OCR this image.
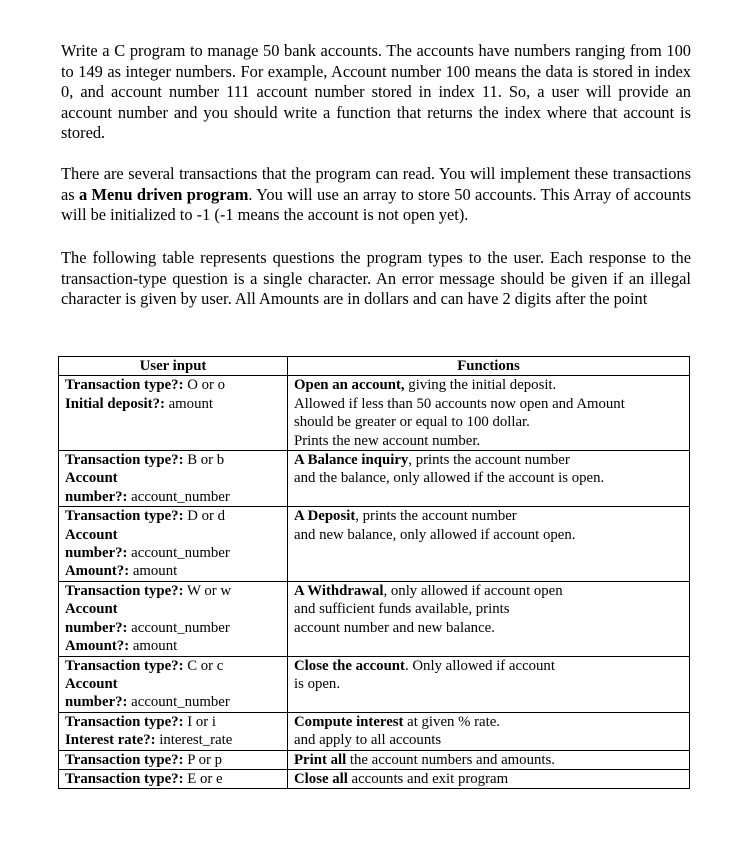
Write a C program to manage 50 bank accounts. The accounts have numbers ranging from 100 to 149 as integer numbers. For example, Account number 100 means the data is stored in index 0, and account number 111 account number stored in index 11. So, a user will provide an account number and you should write a function that returns the index where that account is stored.

There are several transactions that the program can read. You will implement these transactions as a Menu driven program. You will use an array to store 50 accounts. This Array of accounts will be initialized to -1 (-1 means the account is not open yet).

The following table represents questions the program types to the user. Each response to the transaction-type question is a single character. An error message should be given if an illegal character is given by user. All Amounts are in dollars and can have 2 digits after the point

User input	Functions

Transaction type?: O or o
Initial deposit?: amount	Open an account, giving the initial deposit.
Allowed if less than 50 accounts now open and Amount
should be greater or equal to 100 dollar.
Prints the new account number.

Transaction type?: B or b
Account
number?: account_number	A Balance inquiry, prints the account number
and the balance, only allowed if the account is open.

Transaction type?: D or d
Account
number?: account_number
Amount?: amount	A Deposit, prints the account number
and new balance, only allowed if account open.

Transaction type?: W or w
Account
number?: account_number
Amount?: amount	A Withdrawal, only allowed if account open
and sufficient funds available, prints
account number and new balance.

Transaction type?: C or c
Account
number?: account_number	Close the account. Only allowed if account
is open.

Transaction type?: I or i
Interest rate?: interest_rate	Compute interest at given % rate.
and apply to all accounts

Transaction type?: P or p	Print all the account numbers and amounts.

Transaction type?: E or e	Close all accounts and exit program
